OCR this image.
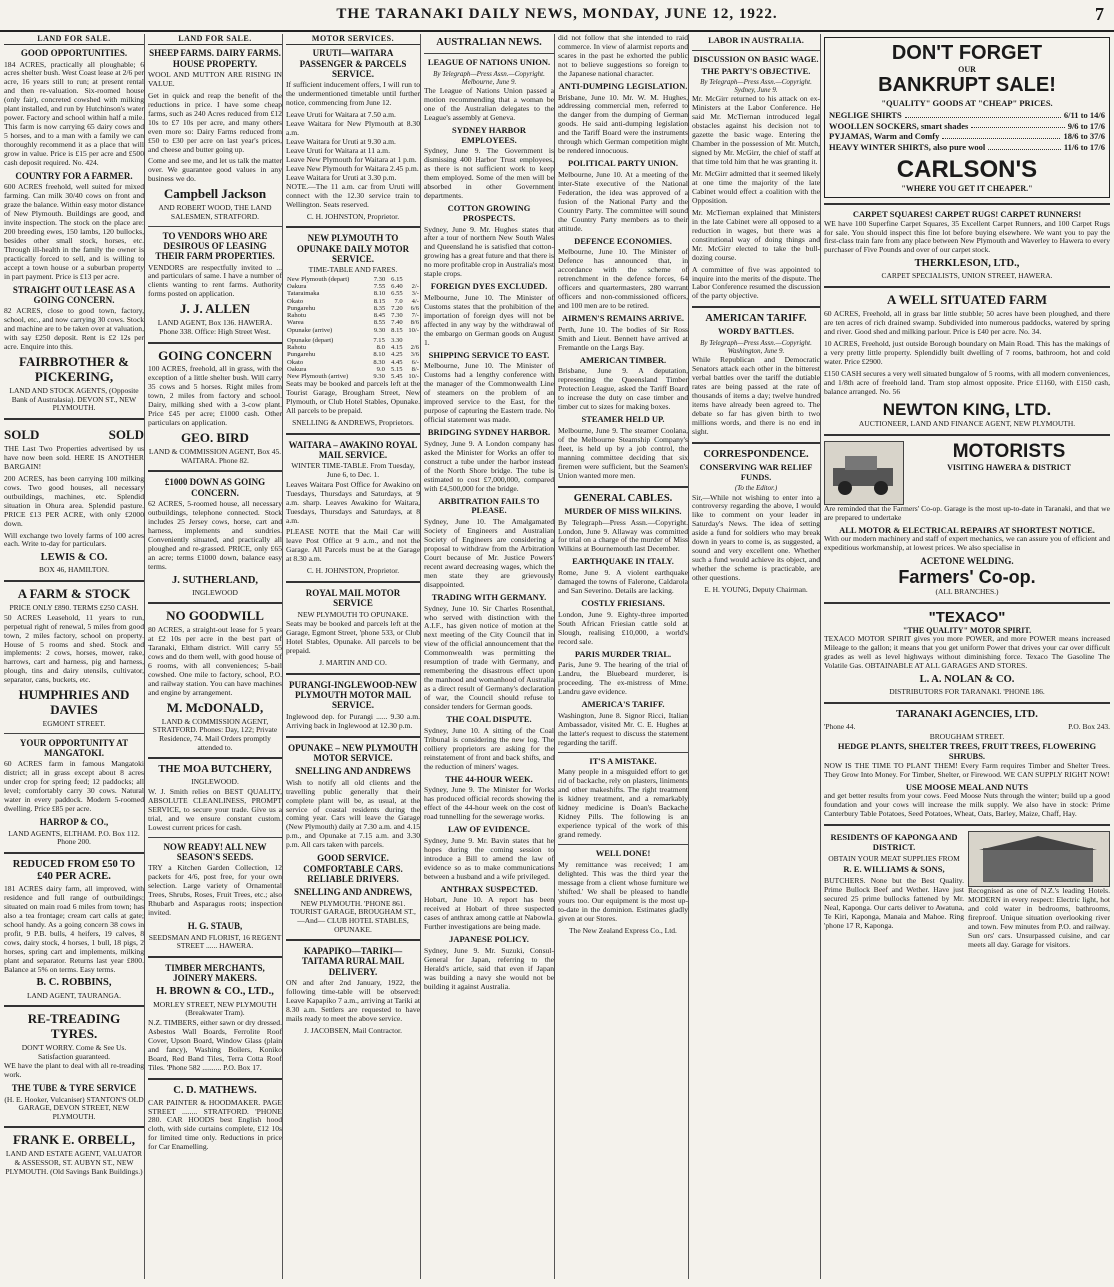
THE TARANAKI DAILY NEWS, MONDAY, JUNE 12, 1922.	7
LAND FOR SALE.
GOOD OPPORTUNITIES.
184 ACRES, practically all ploughable; 6 acres shelter bush. West Coast lease at 2/6 per acre, 16 years still to run; at present rental and then re-valuation. Six-roomed house (only fair), concreted cowshed with milking plant installed, and run by Hutchinson's water power. Factory and school within half a mile. This farm is now carrying 65 dairy cows and 5 horses, and to a man with a family we can thoroughly recommend it as a place that will grow in value. Price is £15 per acre and £500 cash deposit required. No. 424.
COUNTRY FOR A FARMER.
600 ACRES freehold, well suited for mixed farming. Can milk 30/40 cows on front and graze the balance. Within easy motor distance of New Plymouth. Buildings are good, and invite inspection. The stock on the place are: 200 breeding ewes, 150 lambs, 120 bullocks, besides other small stock, horses, etc. Through ill-health in the family the owner is practically forced to sell, and is willing to accept a town house or a suburban property in part payment. Price is £13 per acre.
STRAIGHT OUT LEASE AS A GOING CONCERN.
82 ACRES, close to good town, factory, school, etc., and now carrying 30 cows. Stock and machine are to be taken over at valuation, with say £250 deposit. Rent is £2 12s per acre. Enquire into this.
FAIRBROTHER & PICKERING,
LAND AND STOCK AGENTS, (Opposite Bank of Australasia). DEVON ST., NEW PLYMOUTH.
SOLD	SOLD
THE Last Two Properties advertised by us have now been sold. HERE IS ANOTHER BARGAIN!
200 ACRES, has been carrying 100 milking cows. Two good houses, all necessary outbuildings, machines, etc. Splendid situation in Ohura area. Splendid pasture. PRICE £13 PER ACRE, with only £2000 down.
Will exchange two lovely farms of 100 acres each. Write to-day for particulars.
LEWIS & CO.
BOX 46, HAMILTON.
A FARM & STOCK
PRICE ONLY £890. TERMS £250 CASH.
50 ACRES Leasehold, 11 years to run, perpetual right of renewal, 5 miles from good town, 2 miles factory, school on property. House of 5 rooms and shed. Stock and implements: 2 cows, horses, mower, rake, harrows, cart and harness, pig and harness, plough, tins and dairy utensils, cultivator, separator, cans, buckets, etc.
HUMPHRIES AND DAVIES
EGMONT STREET.
YOUR OPPORTUNITY AT MANGATOKI.
60 ACRES farm in famous Mangatoki district; all in grass except about 8 acres under crop for spring feed; 12 paddocks; all level; comfortably carry 30 cows. Natural water in every paddock. Modern 5-roomed dwelling. Price £85 per acre.
HARROP & CO.,
LAND AGENTS, ELTHAM. P.O. Box 112. Phone 200.
REDUCED FROM £50 TO £40 PER ACRE.
181 ACRES dairy farm, all improved, with residence and full range of outbuildings; situated on main road 6 miles from town; has also a tea frontage; cream cart calls at gate; school handy. As a going concern 38 cows in profit, 9 P.B. bulls, 4 heifers, 19 calves, 8 cows, dairy stock, 4 horses, 1 bull, 18 pigs, 2 horses, spring cart and implements, milking plant and separator. Returns last year £800. Balance at 5% on terms. Easy terms.
B. C. ROBBINS,
LAND AGENT, TAURANGA.
RE-TREADING TYRES.
DON'T WORRY. Come & See Us. Satisfaction guaranteed.
WE have the plant to deal with all re-treading work.
THE TUBE & TYRE SERVICE
(H. E. Hooker, Vulcaniser) STANTON'S OLD GARAGE, DEVON STREET, NEW PLYMOUTH.
FRANK E. ORBELL,
LAND AND ESTATE AGENT, VALUATOR & ASSESSOR, ST. AUBYN ST., NEW PLYMOUTH. (Old Savings Bank Buildings.)
LAND FOR SALE.
SHEEP FARMS. DAIRY FARMS. HOUSE PROPERTY.
WOOL AND MUTTON ARE RISING IN VALUE.
Get in quick and reap the benefit of the reductions in price. I have some cheap farms, such as 240 Acres reduced from £12 10s to £7 10s per acre, and many others even more so: Dairy Farms reduced from £50 to £30 per acre on last year's prices, and cheese and butter going up.
Come and see me, and let us talk the matter over. We guarantee good values in any business we do.
Campbell Jackson
AND ROBERT WOOD, THE LAND SALESMEN, STRATFORD.
TO VENDORS WHO ARE DESIROUS OF LEASING THEIR FARM PROPERTIES.
VENDORS are respectfully invited to ... and particulars of same. I have a number of clients wanting to rent farms. Authority forms posted on application.
J. J. ALLEN
LAND AGENT, Box 136. HAWERA. Phone 338. Office: High Street West.
GOING CONCERN
100 ACRES, freehold, all in grass, with the exception of a little shelter bush. Will carry 35 cows and 5 horses. Right miles from town, 2 miles from factory and school. Dairy, milking shed with a 3-cow plant. Price £45 per acre; £1000 cash. Other particulars on application.
GEO. BIRD
LAND & COMMISSION AGENT, Box 45. WAITARA. Phone 82.
£1000 DOWN AS GOING CONCERN.
62 ACRES, 5-roomed house, all necessary outbuildings, telephone connected. Stock includes 25 Jersey cows, horse, cart and harness, implements and sundries. Conveniently situated, and practically all ploughed and re-grassed. PRICE, only £65 an acre; terms £1000 down, balance easy terms.
J. SUTHERLAND,
INGLEWOOD
NO GOODWILL
80 ACRES, a straight-out lease for 5 years at £2 10s per acre in the best part of Taranaki, Eltham district. Will carry 55 cows and do them well, with good house of 6 rooms, with all conveniences; 5-bail cowshed. One mile to factory, school, P.O. and railway station. You can have machines and engine by arrangement.
M. McDONALD,
LAND & COMMISSION AGENT, STRATFORD. Phones: Day, 122; Private Residence, 74. Mail Orders promptly attended to.
THE MOA BUTCHERY,
INGLEWOOD.
W. J. Smith relies on BEST QUALITY, ABSOLUTE CLEANLINESS, PROMPT SERVICE, to secure your trade. Give us a trial, and we ensure constant custom. Lowest current prices for cash.
NOW READY! ALL NEW SEASON'S SEEDS.
TRY a Kitchen Garden Collection, 12 packets for 4/6, post free, for your own selection. Large variety of Ornamental Trees, Shrubs, Roses, Fruit Trees, etc.; also Rhubarb and Asparagus roots; inspection invited.
H. G. STAUB,
SEEDSMAN AND FLORIST, 16 REGENT STREET ...... HAWERA.
TIMBER MERCHANTS, JOINERY MAKERS.
H. BROWN & CO., LTD.,
MORLEY STREET, NEW PLYMOUTH (Breakwater Tram).
N.Z. TIMBERS, either sawn or dry dressed. Asbestos Wall Boards, Ferrolite Roof Cover, Upson Board, Window Glass (plain and fancy), Washing Boilers, Koniko Board, Red Band Tiles, Terra Cotta Roof Tiles. 'Phone 582 .......... P.O. Box 17.
C. D. MATHEWS.
CAR PAINTER & HOODMAKER. PAGE STREET ........ STRATFORD. 'PHONE 280. CAR HOODS best English hood cloth, with side curtains complete, £12 10s for limited time only. Reductions in price for Car Enamelling.
MOTOR SERVICES.
URUTI—WAITARA PASSENGER & PARCELS SERVICE.
If sufficient inducement offers, I will run to the undermentioned timetable until further notice, commencing from June 12.
Leave Uruti for Waitara at 7.50 a.m.
Leave Waitara for New Plymouth at 8.30 a.m.
Leave Waitara for Uruti at 9.30 a.m.
Leave Uruti for Waitara at 11 a.m.
Leave New Plymouth for Waitara at 1 p.m.
Leave New Plymouth for Waitara 2.45 p.m.
Leave Waitara for Uruti at 3.30 p.m.
NOTE.—The 11 a.m. car from Uruti will connect with the 12.30 service train to Wellington. Seats reserved.
C. H. JOHNSTON, Proprietor.
NEW PLYMOUTH TO OPUNAKE DAILY MOTOR SERVICE.
TIME-TABLE AND FARES.
New Plymouth (depart)	7.30	6.15	
Oakura	7.55	6.40	2/-
Tataraimaka	8.10	6.55	3/-
Okato	8.15	7.0	4/-
Pungarehu	8.35	7.20	6/6
Rahotu	8.45	7.30	7/-
Warea	8.55	7.40	8/6
Opunake (arrive)	9.30	8.15	10/-
Opunake (depart)	7.15	3.30	
Rahotu	8.0	4.15	2/6
Pungarehu	8.10	4.25	3/6
Okato	8.30	4.45	6/-
Oakura	9.0	5.15	8/-
New Plymouth (arrive)	9.30	5.45	10/-
Seats may be booked and parcels left at the Tourist Garage, Brougham Street, New Plymouth, or Club Hotel Stables, Opunake. All parcels to be prepaid.
SNELLING & ANDREWS, Proprietors.
WAITARA – AWAKINO ROYAL MAIL SERVICE.
WINTER TIME-TABLE. From Tuesday, June 6, to Dec. 1.
Leaves Waitara Post Office for Awakino on Tuesdays, Thursdays and Saturdays, at 9 a.m. sharp. Leaves Awakino for Waitara, Tuesdays, Thursdays and Saturdays, at 8 a.m.
PLEASE NOTE that the Mail Car will leave Post Office at 9 a.m., and not the Garage. All Parcels must be at the Garage at 8.30 a.m.
C. H. JOHNSTON, Proprietor.
ROYAL MAIL MOTOR SERVICE
NEW PLYMOUTH TO OPUNAKE.
Seats may be booked and parcels left at the Garage, Egmont Street, 'phone 533, or Club Hotel Stables, Opunake. All parcels to be prepaid.
J. MARTIN AND CO.
PURANGI-INGLEWOOD-NEW PLYMOUTH MOTOR MAIL SERVICE.
Inglewood dep. for Purangi ...... 9.30 a.m. Arriving back in Inglewood at 12.30 p.m.
OPUNAKE – NEW PLYMOUTH MOTOR SERVICE.
SNELLING AND ANDREWS
Wish to notify all old clients and the travelling public generally that their complete plant will be, as usual, at the service of coastal residents during the coming year. Cars will leave the Garage (New Plymouth) daily at 7.30 a.m. and 4.15 p.m., and Opunake at 7.15 a.m. and 3.30 p.m. All cars taken with parcels.
GOOD SERVICE. COMFORTABLE CARS. RELIABLE DRIVERS.
SNELLING AND ANDREWS,
NEW PLYMOUTH. 'PHONE 861. TOURIST GARAGE, BROUGHAM ST., —And— CLUB HOTEL STABLES, OPUNAKE.
KAPAPIKO—TARIKI—TAITAMA RURAL MAIL DELIVERY.
ON and after 2nd January, 1922, the following time-table will be observed: Leave Kapapiko 7 a.m., arriving at Tariki at 8.30 a.m. Settlers are requested to have mails ready to meet the above service.
J. JACOBSEN, Mail Contractor.
AUSTRALIAN NEWS.
LEAGUE OF NATIONS UNION.
By Telegraph—Press Assn.—Copyright. Melbourne, June 9.
The League of Nations Union passed a motion recommending that a woman be one of the Australian delegates to the League's assembly at Geneva.
SYDNEY HARBOR EMPLOYEES.
Sydney, June 9. The Government is dismissing 400 Harbor Trust employees, as there is not sufficient work to keep them employed. Some of the men will be absorbed in other Government departments.
COTTON GROWING PROSPECTS.
Sydney, June 9. Mr. Hughes states that after a tour of northern New South Wales and Queensland he is satisfied that cotton-growing has a great future and that there is no more profitable crop in Australia's most staple crops.
FOREIGN DYES EXCLUDED.
Melbourne, June 10. The Minister of Customs states that the prohibition of the importation of foreign dyes will not be affected in any way by the withdrawal of the embargo on German goods on August 1.
SHIPPING SERVICE TO EAST.
Melbourne, June 10. The Minister of Customs had a lengthy conference with the manager of the Commonwealth Line of steamers on the problem of an improved service to the East, for the purpose of capturing the Eastern trade. No official statement was made.
BRIDGING SYDNEY HARBOR.
Sydney, June 9. A London company has asked the Minister for Works an offer to construct a tube under the harbor instead of the North Shore bridge. The tube is estimated to cost £7,000,000, compared with £4,500,000 for the bridge.
ARBITRATION FAILS TO PLEASE.
Sydney, June 10. The Amalgamated Society of Engineers and Australian Society of Engineers are considering a proposal to withdraw from the Arbitration Court because of Mr. Justice Powers' recent award decreasing wages, which the men state they are grievously disappointed.
TRADING WITH GERMANY.
Sydney, June 10. Sir Charles Rosenthal, who served with distinction with the A.I.F., has given notice of motion at the next meeting of the City Council that in view of the official announcement that the Commonwealth was permitting the resumption of trade with Germany, and remembering the disastrous effect upon the manhood and womanhood of Australia as a direct result of Germany's declaration of war, the Council should refuse to consider tenders for German goods.
THE COAL DISPUTE.
Sydney, June 10. A sitting of the Coal Tribunal is considering the new log. The colliery proprietors are asking for the reinstatement of front and back shifts, and the reduction of miners' wages.
THE 44-HOUR WEEK.
Sydney, June 9. The Minister for Works has produced official records showing the effect of the 44-hour week on the cost of road tunnelling for the sewerage works.
LAW OF EVIDENCE.
Sydney, June 9. Mr. Bavin states that he hopes during the coming session to introduce a Bill to amend the law of evidence so as to make communications between a husband and a wife privileged.
ANTHRAX SUSPECTED.
Hobart, June 10. A report has been received at Hobart of three suspected cases of anthrax among cattle at Nabowla. Further investigations are being made.
JAPANESE POLICY.
Sydney, June 9. Mr. Suzuki, Consul-General for Japan, referring to the Herald's article, said that even if Japan was building a navy she would not be building it against Australia.
did not follow that she intended to raid commerce. In view of alarmist reports and scares in the past he exhorted the public not to believe suggestions so foreign to the Japanese national character.
ANTI-DUMPING LEGISLATION.
Brisbane, June 10. Mr. W. M. Hughes, addressing commercial men, referred to the danger from the dumping of German goods. He said anti-dumping legislation and the Tariff Board were the instruments through which German competition might be rendered innocuous.
POLITICAL PARTY UNION.
Melbourne, June 10. At a meeting of the inter-State executive of the National Federation, the idea was approved of a fusion of the National Party and the Country Party. The committee will sound the Country Party members as to their attitude.
DEFENCE ECONOMIES.
Melbourne, June 10. The Minister of Defence has announced that, in accordance with the scheme of retrenchment in the defence forces, 64 officers and quartermasters, 280 warrant officers and non-commissioned officers, and 100 men are to be retired.
AIRMEN'S REMAINS ARRIVE.
Perth, June 10. The bodies of Sir Ross Smith and Lieut. Bennett have arrived at Fremantle on the Largs Bay.
AMERICAN TIMBER.
Brisbane, June 9. A deputation, representing the Queensland Timber Protection League, asked the Tariff Board to increase the duty on case timber and timber cut to sizes for making boxes.
STEAMER HELD UP.
Melbourne, June 9. The steamer Coolana, of the Melbourne Steamship Company's fleet, is held up by a job control, the manning committee deciding that six firemen were sufficient, but the Seamen's Union wanted more men.
GENERAL CABLES.
MURDER OF MISS WILKINS.
By Telegraph—Press Assn.—Copyright. London, June 9. Allaway was committed for trial on a charge of the murder of Miss Wilkins at Bournemouth last December.
EARTHQUAKE IN ITALY.
Rome, June 9. A violent earthquake damaged the towns of Falerone, Caldarola and San Severino. Details are lacking.
COSTLY FRIESIANS.
London, June 9. Eighty-three imported South African Friesian cattle sold at Slough, realising £10,000, a world's record sale.
PARIS MURDER TRIAL.
Paris, June 9. The hearing of the trial of Landru, the Bluebeard murderer, is proceeding. The ex-mistress of Mme. Landru gave evidence.
AMERICA'S TARIFF.
Washington, June 8. Signor Ricci, Italian Ambassador, visited Mr. C. E. Hughes at the latter's request to discuss the statement regarding the tariff.
IT'S A MISTAKE.
Many people in a misguided effort to get rid of backache, rely on plasters, liniments and other makeshifts. The right treatment is kidney treatment, and a remarkably kidney medicine is Doan's Backache Kidney Pills. The following is an experience typical of the work of this grand remedy.
WELL DONE!
My remittance was received; I am delighted. This was the third year the message from a client whose furniture we 'shifted.' We shall be pleased to handle yours too. Our equipment is the most up-to-date in the dominion. Estimates gladly given at our Stores.
The New Zealand Express Co., Ltd.
LABOR IN AUSTRALIA.
DISCUSSION ON BASIC WAGE.
THE PARTY'S OBJECTIVE.
By Telegraph—Press Assn.—Copyright. Sydney, June 9.
Mr. McGirr returned to his attack on ex-Ministers at the Labor Conference. He said Mr. McTiernan introduced legal obstacles against his decision not to gazette the basic wage. Entering the Chamber in the possession of Mr. Mutch, signed by Mr. McGirr, the chief of staff at that time told him that he was granting it.
Mr. McGirr admitted that it seemed likely at one time the majority of the late Cabinet would effect a coalition with the Opposition.
Mr. McTiernan explained that Ministers in the late Cabinet were all opposed to a reduction in wages, but there was a constitutional way of doing things and Mr. McGirr elected to take the bull-dozing course.
A committee of five was appointed to inquire into the merits of the dispute. The Labor Conference resumed the discussion of the party objective.
AMERICAN TARIFF.
WORDY BATTLES.
By Telegraph—Press Assn.—Copyright. Washington, June 9.
While Republican and Democratic Senators attack each other in the bitterest verbal battles over the tariff the dutiable rates are being passed at the rate of thousands of items a day; twelve hundred items have already been agreed to. The debate so far has given birth to two millions words, and there is no end in sight.
CORRESPONDENCE.
CONSERVING WAR RELIEF FUNDS.
(To the Editor.)
Sir,—While not wishing to enter into a controversy regarding the above, I would like to comment on your leader in Saturday's News. The idea of setting aside a fund for soldiers who may break down in years to come is, as suggested, a sound and very excellent one. Whether such a fund would achieve its object, and whether the scheme is practicable, are other questions.
E. H. YOUNG, Deputy Chairman.
DON'T FORGET
OUR
BANKRUPT SALE!
"QUALITY" GOODS AT "CHEAP" PRICES.
NEGLIGE SHIRTS	6/11 to 14/6
WOOLLEN SOCKERS, smart shades	9/6 to 17/6
PYJAMAS, Warm and Comfy	18/6 to 37/6
HEAVY WINTER SHIRTS, also pure wool	11/6 to 17/6
CARLSON'S
"WHERE YOU GET IT CHEAPER."
CARPET SQUARES! CARPET RUGS! CARPET RUNNERS!
WE have 100 Superfine Carpet Squares, 35 Excellent Carpet Runners, and 100 Carpet Rugs for sale. You should inspect this fine lot before buying elsewhere. We want you to pay the first-class train fare from any place between New Plymouth and Waverley to Hawera to every purchaser of Five Pounds and over of our carpet stock.
THERKLESON, LTD.,
CARPET SPECIALISTS, UNION STREET, HAWERA.
A WELL SITUATED FARM
60 ACRES, Freehold, all in grass bar little stubble; 50 acres have been ploughed, and there are ten acres of rich drained swamp. Subdivided into numerous paddocks, watered by spring and river. Good shed and milking parlour. Price is £40 per acre. No. 34.
10 ACRES, Freehold, just outside Borough boundary on Main Road. This has the makings of a very pretty little property. Splendidly built dwelling of 7 rooms, bathroom, hot and cold water. Price £2900.
£150 CASH secures a very well situated bungalow of 5 rooms, with all modern conveniences, and 1/8th acre of freehold land. Tram stop almost opposite. Price £1160, with £150 cash, balance arranged. No. 56
NEWTON KING, LTD.
AUCTIONEER, LAND AND FINANCE AGENT, NEW PLYMOUTH.
MOTORISTS
VISITING HAWERA & DISTRICT
Are reminded that the Farmers' Co-op. Garage is the most up-to-date in Taranaki, and that we are prepared to undertake
ALL MOTOR & ELECTRICAL REPAIRS AT SHORTEST NOTICE.
With our modern machinery and staff of expert mechanics, we can assure you of efficient and expeditious workmanship, at lowest prices. We also specialise in
ACETONE WELDING.
Farmers' Co-op.
(ALL BRANCHES.)
"TEXACO"
"THE QUALITY" MOTOR SPIRIT.
TEXACO MOTOR SPIRIT gives you more POWER, and more POWER means increased Mileage to the gallon; it means that you get uniform Power that drives your car over difficult grades as well as level highways without diminishing force. Texaco The Gasoline The Volatile Gas. OBTAINABLE AT ALL GARAGES AND STORES.
L. A. NOLAN & CO.
DISTRIBUTORS FOR TARANAKI. 'PHONE 186.
TARANAKI AGENCIES, LTD.
'Phone 44.	P.O. Box 243.
BROUGHAM STREET.
HEDGE PLANTS, SHELTER TREES, FRUIT TREES, FLOWERING SHRUBS.
NOW IS THE TIME TO PLANT THEM! Every Farm requires Timber and Shelter Trees. They Grow Into Money. For Timber, Shelter, or Firewood. WE CAN SUPPLY RIGHT NOW!
USE MOOSE MEAL AND NUTS
and get better results from your cows. Feed Moose Nuts through the winter; build up a good foundation and your cows will increase the milk supply. We also have in stock: Prime Canterbury Table Potatoes, Seed Potatoes, Wheat, Oats, Barley, Maize, Chaff, Hay.
RESIDENTS OF KAPONGA AND DISTRICT.
OBTAIN YOUR MEAT SUPPLIES FROM
R. E. WILLIAMS & SONS,
BUTCHERS. None but the Best Quality. Prime Bullock Beef and Wether. Have just secured 25 prime bullocks fattened by Mr. Neal, Kaponga. Our carts deliver to Awatuna, Te Kiri, Kaponga, Manaia and Mahoe. Ring 'phone 17 R, Kaponga.
Recognised as one of N.Z.'s leading Hotels. MODERN in every respect: Electric light, hot and cold water in bedrooms, bathrooms, fireproof. Unique situation overlooking river and town. Few minutes from P.O. and railway. Sun ors' cars. Unsurpassed cuisine, and car meets all day. Garage for visitors.
